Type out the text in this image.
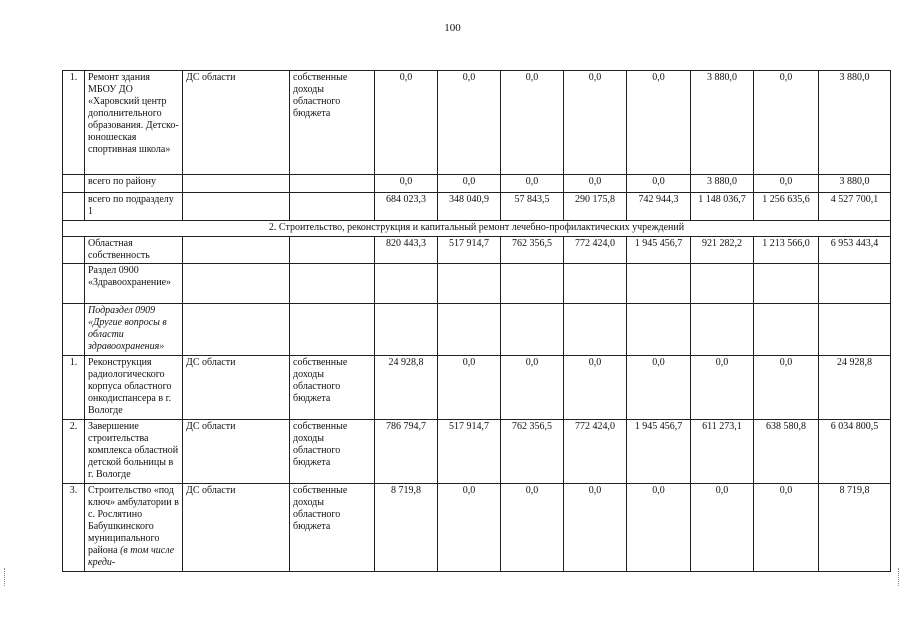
100
1.	Ремонт здания МБОУ ДО «Харовский центр дополнительного образования. Детско-юношеская спортивная школа»	ДС области	собственные доходы областного бюджета	0,0	0,0	0,0	0,0	0,0	3 880,0	0,0	3 880,0
	всего по району			0,0	0,0	0,0	0,0	0,0	3 880,0	0,0	3 880,0
	всего по подразделу 1			684 023,3	348 040,9	57 843,5	290 175,8	742 944,3	1 148 036,7	1 256 635,6	4 527 700,1
2. Строительство, реконструкция и капитальный ремонт лечебно-профилактических учреждений											
	Областная собственность			820 443,3	517 914,7	762 356,5	772 424,0	1 945 456,7	921 282,2	1 213 566,0	6 953 443,4
	Раздел 0900 «Здравоохранение»										
	Подраздел 0909 «Другие вопросы в области здравоохранения»										
1.	Реконструкция радиологического корпуса областного онкодиспансера в г. Вологде	ДС области	собственные доходы областного бюджета	24 928,8	0,0	0,0	0,0	0,0	0,0	0,0	24 928,8
2.	Завершение строительства комплекса областной детской больницы в г. Вологде	ДС области	собственные доходы областного бюджета	786 794,7	517 914,7	762 356,5	772 424,0	1 945 456,7	611 273,1	638 580,8	6 034 800,5
3.	Строительство «под ключ» амбулатории в с. Рослятино Бабушкинского муниципального района (в том числе креди-	ДС области	собственные доходы областного бюджета	8 719,8	0,0	0,0	0,0	0,0	0,0	0,0	8 719,8
